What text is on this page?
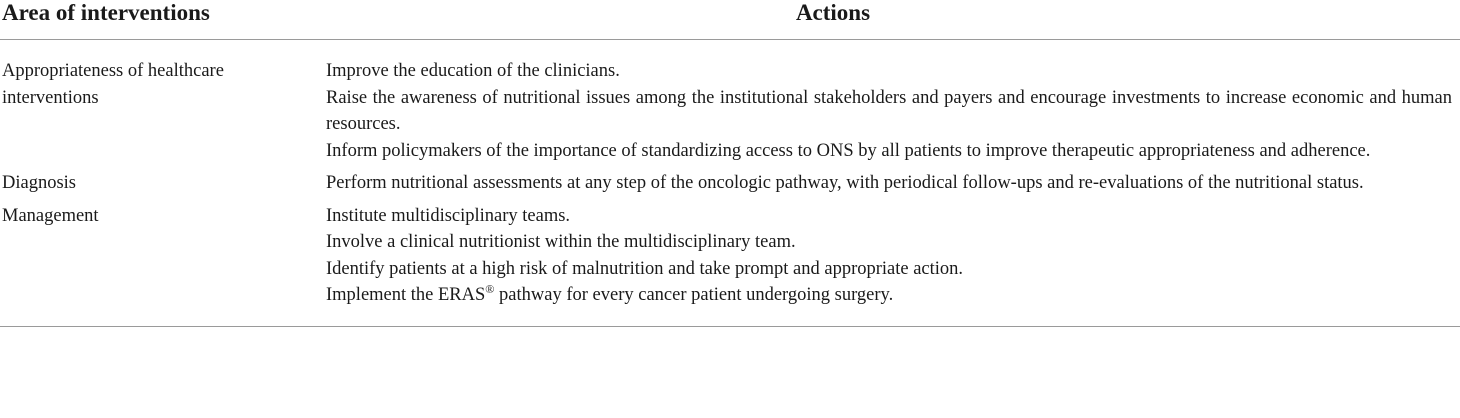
Area of interventions	Actions
Appropriateness of healthcare interventions	Improve the education of the clinicians.
Raise the awareness of nutritional issues among the institutional stakeholders and payers and encourage investments to increase economic and human resources.
Inform policymakers of the importance of standardizing access to ONS by all patients to improve therapeutic appropriateness and adherence.

Diagnosis	Perform nutritional assessments at any step of the oncologic pathway, with periodical follow-ups and re-evaluations of the nutritional status.

Management	Institute multidisciplinary teams.
Involve a clinical nutritionist within the multidisciplinary team.
Identify patients at a high risk of malnutrition and take prompt and appropriate action.
Implement the ERAS® pathway for every cancer patient undergoing surgery.
